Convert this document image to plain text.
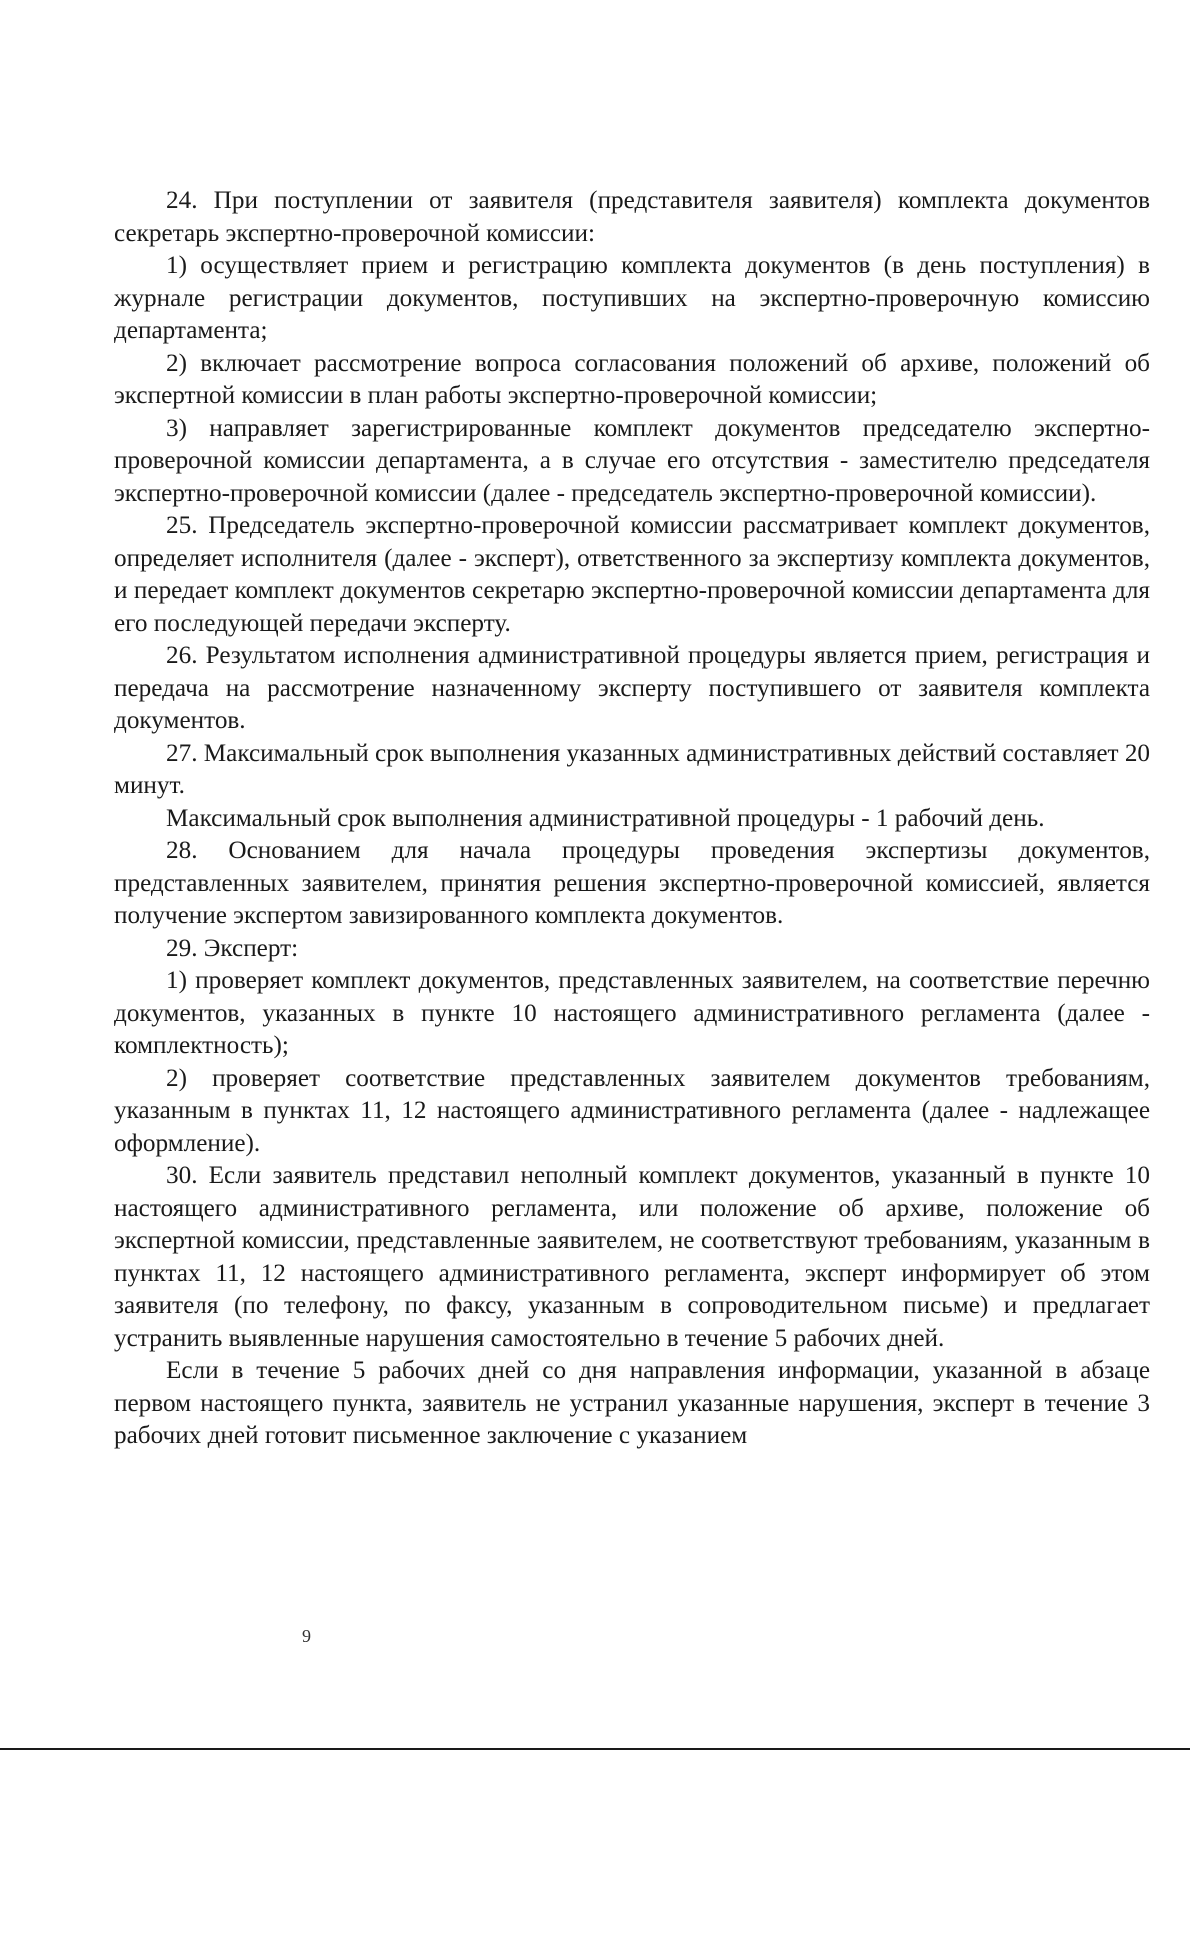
24. При поступлении от заявителя (представителя заявителя) комплекта документов секретарь экспертно-проверочной комиссии:

1) осуществляет прием и регистрацию комплекта документов (в день поступления) в журнале регистрации документов, поступивших на экспертно-проверочную комиссию департамента;

2) включает рассмотрение вопроса согласования положений об архиве, положений об экспертной комиссии в план работы экспертно-проверочной комиссии;

3) направляет зарегистрированные комплект документов председателю экспертно-проверочной комиссии департамента, а в случае его отсутствия - заместителю председателя экспертно-проверочной комиссии (далее - председатель экспертно-проверочной комиссии).

25. Председатель экспертно-проверочной комиссии рассматривает комплект документов, определяет исполнителя (далее - эксперт), ответственного за экспертизу комплекта документов, и передает комплект документов секретарю экспертно-проверочной комиссии департамента для его последующей передачи эксперту.

26. Результатом исполнения административной процедуры является прием, регистрация и передача на рассмотрение назначенному эксперту поступившего от заявителя комплекта документов.

27. Максимальный срок выполнения указанных административных действий составляет 20 минут.

Максимальный срок выполнения административной процедуры - 1 рабочий день.

28. Основанием для начала процедуры проведения экспертизы документов, представленных заявителем, принятия решения экспертно-проверочной комиссией, является получение экспертом завизированного комплекта документов.

29. Эксперт:

1) проверяет комплект документов, представленных заявителем, на соответствие перечню документов, указанных в пункте 10 настоящего административного регламента (далее - комплектность);

2) проверяет соответствие представленных заявителем документов требованиям, указанным в пунктах 11, 12 настоящего административного регламента (далее - надлежащее оформление).

30. Если заявитель представил неполный комплект документов, указанный в пункте 10 настоящего административного регламента, или положение об архиве, положение об экспертной комиссии, представленные заявителем, не соответствуют требованиям, указанным в пунктах 11, 12 настоящего административного регламента, эксперт информирует об этом заявителя (по телефону, по факсу, указанным в сопроводительном письме) и предлагает устранить выявленные нарушения самостоятельно в течение 5 рабочих дней.

Если в течение 5 рабочих дней со дня направления информации, указанной в абзаце первом настоящего пункта, заявитель не устранил указанные нарушения, эксперт в течение 3 рабочих дней готовит письменное заключение с указанием

9
